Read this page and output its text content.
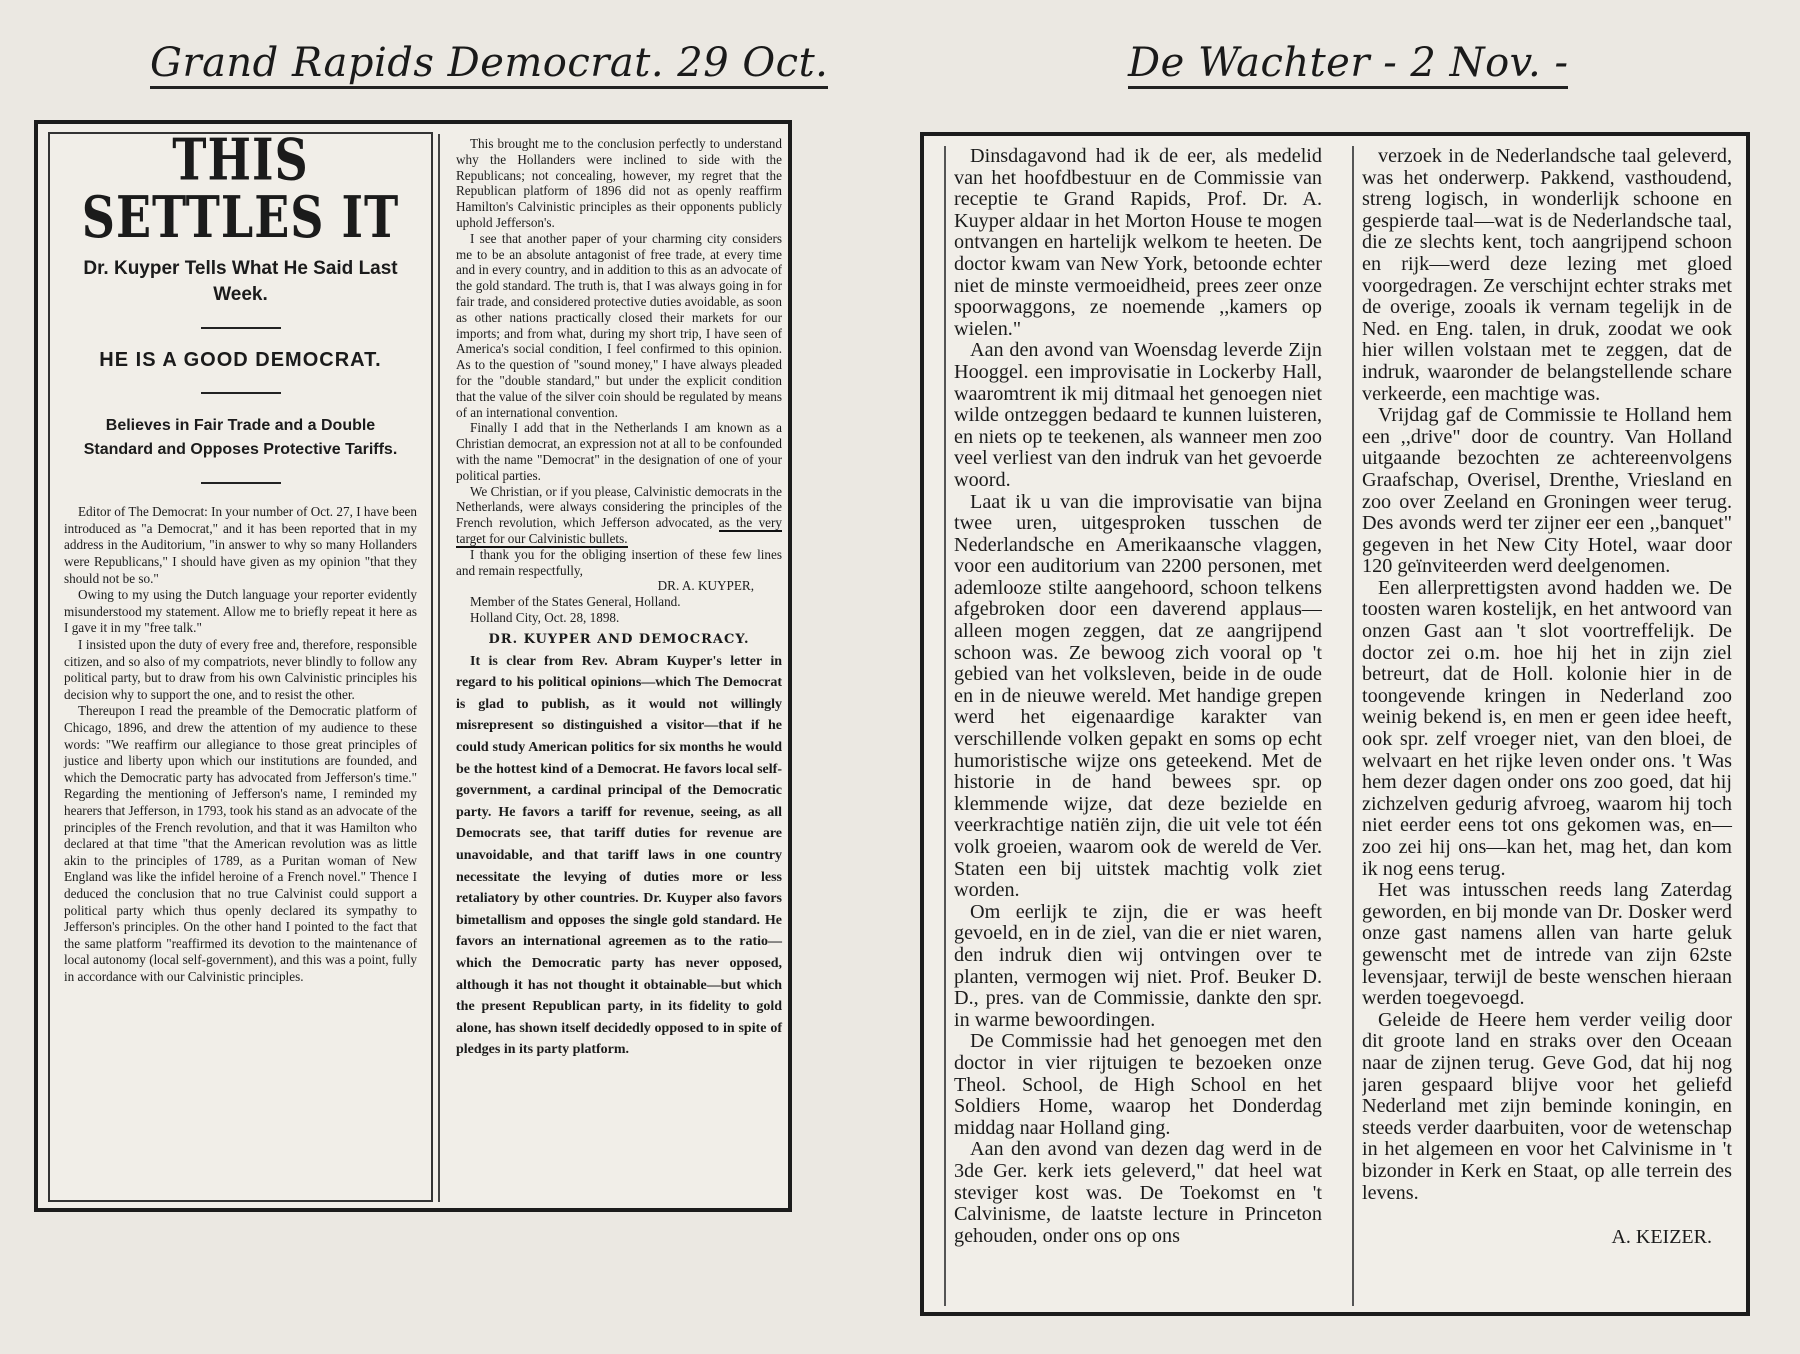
Grand Rapids Democrat. 29 Oct.	De Wachter - 2 Nov. -
THIS SETTLES IT
Dr. Kuyper Tells What He Said Last Week.
HE IS A GOOD DEMOCRAT.
Believes in Fair Trade and a Double Standard and Opposes Protective Tariffs.

Editor of The Democrat: In your number of Oct. 27, I have been introduced as "a Democrat," and it has been reported that in my address in the Auditorium, "in answer to why so many Hollanders were Republicans," I should have given as my opinion "that they should not be so."

Owing to my using the Dutch language your reporter evidently misunderstood my statement. Allow me to briefly repeat it here as I gave it in my "free talk."

I insisted upon the duty of every free and, therefore, responsible citizen, and so also of my compatriots, never blindly to follow any political party, but to draw from his own Calvinistic principles his decision why to support the one, and to resist the other.

Thereupon I read the preamble of the Democratic platform of Chicago, 1896, and drew the attention of my audience to these words: "We reaffirm our allegiance to those great principles of justice and liberty upon which our institutions are founded, and which the Democratic party has advocated from Jefferson's time." Regarding the mentioning of Jefferson's name, I reminded my hearers that Jefferson, in 1793, took his stand as an advocate of the principles of the French revolution, and that it was Hamilton who declared at that time "that the American revolution was as little akin to the principles of 1789, as a Puritan woman of New England was like the infidel heroine of a French novel." Thence I deduced the conclusion that no true Calvinist could support a political party which thus openly declared its sympathy to Jefferson's principles. On the other hand I pointed to the fact that the same platform "reaffirmed its devotion to the maintenance of local autonomy (local self-government), and this was a point, fully in accordance with our Calvinistic principles.

This brought me to the conclusion perfectly to understand why the Hollanders were inclined to side with the Republicans; not concealing, however, my regret that the Republican platform of 1896 did not as openly reaffirm Hamilton's Calvinistic principles as their opponents publicly uphold Jefferson's.

I see that another paper of your charming city considers me to be an absolute antagonist of free trade, at every time and in every country, and in addition to this as an advocate of the gold standard. The truth is, that I was always going in for fair trade, and considered protective duties avoidable, as soon as other nations practically closed their markets for our imports; and from what, during my short trip, I have seen of America's social condition, I feel confirmed to this opinion. As to the question of "sound money," I have always pleaded for the "double standard," but under the explicit condition that the value of the silver coin should be regulated by means of an international convention.

Finally I add that in the Netherlands I am known as a Christian democrat, an expression not at all to be confounded with the name "Democrat" in the designation of one of your political parties.

We Christian, or if you please, Calvinistic democrats in the Netherlands, were always considering the principles of the French revolution, which Jefferson advocated, as the very target for our Calvinistic bullets.

I thank you for the obliging insertion of these few lines and remain respectfully,

DR. A. KUYPER,

Member of the States General, Holland.

Holland City, Oct. 28, 1898.

DR. KUYPER AND DEMOCRACY.

It is clear from Rev. Abram Kuyper's letter in regard to his political opinions—which The Democrat is glad to publish, as it would not willingly misrepresent so distinguished a visitor—that if he could study American politics for six months he would be the hottest kind of a Democrat. He favors local self-government, a cardinal principal of the Democratic party. He favors a tariff for revenue, seeing, as all Democrats see, that tariff duties for revenue are unavoidable, and that tariff laws in one country necessitate the levying of duties more or less retaliatory by other countries. Dr. Kuyper also favors bimetallism and opposes the single gold standard. He favors an international agreemen as to the ratio—which the Democratic party has never opposed, although it has not thought it obtainable—but which the present Republican party, in its fidelity to gold alone, has shown itself decidedly opposed to in spite of pledges in its party platform.

Dinsdagavond had ik de eer, als medelid van het hoofdbestuur en de Commissie van receptie te Grand Rapids, Prof. Dr. A. Kuyper aldaar in het Morton House te mogen ontvangen en hartelijk welkom te heeten. De doctor kwam van New York, betoonde echter niet de minste vermoeidheid, prees zeer onze spoorwaggons, ze noemende ,,kamers op wielen."

Aan den avond van Woensdag leverde Zijn Hooggel. een improvisatie in Lockerby Hall, waaromtrent ik mij ditmaal het genoegen niet wilde ontzeggen bedaard te kunnen luisteren, en niets op te teekenen, als wanneer men zoo veel verliest van den indruk van het gevoerde woord.

Laat ik u van die improvisatie van bijna twee uren, uitgesproken tusschen de Nederlandsche en Amerikaansche vlaggen, voor een auditorium van 2200 personen, met ademlooze stilte aangehoord, schoon telkens afgebroken door een daverend applaus—alleen mogen zeggen, dat ze aangrijpend schoon was. Ze bewoog zich vooral op 't gebied van het volksleven, beide in de oude en in de nieuwe wereld. Met handige grepen werd het eigenaardige karakter van verschillende volken gepakt en soms op echt humoristische wijze ons geteekend. Met de historie in de hand bewees spr. op klemmende wijze, dat deze bezielde en veerkrachtige natiën zijn, die uit vele tot één volk groeien, waarom ook de wereld de Ver. Staten een bij uitstek machtig volk ziet worden.

Om eerlijk te zijn, die er was heeft gevoeld, en in de ziel, van die er niet waren, den indruk dien wij ontvingen over te planten, vermogen wij niet. Prof. Beuker D. D., pres. van de Commissie, dankte den spr. in warme bewoordingen.

De Commissie had het genoegen met den doctor in vier rijtuigen te bezoeken onze Theol. School, de High School en het Soldiers Home, waarop het Donderdag middag naar Holland ging.

Aan den avond van dezen dag werd in de 3de Ger. kerk iets geleverd," dat heel wat steviger kost was. De Toekomst en 't Calvinisme, de laatste lecture in Princeton gehouden, onder ons op ons

verzoek in de Nederlandsche taal geleverd, was het onderwerp. Pakkend, vasthoudend, streng logisch, in wonderlijk schoone en gespierde taal—wat is de Nederlandsche taal, die ze slechts kent, toch aangrijpend schoon en rijk—werd deze lezing met gloed voorgedragen. Ze verschijnt echter straks met de overige, zooals ik vernam tegelijk in de Ned. en Eng. talen, in druk, zoodat we ook hier willen volstaan met te zeggen, dat de indruk, waaronder de belangstellende schare verkeerde, een machtige was.

Vrijdag gaf de Commissie te Holland hem een ,,drive" door de country. Van Holland uitgaande bezochten ze achtereenvolgens Graafschap, Overisel, Drenthe, Vriesland en zoo over Zeeland en Groningen weer terug. Des avonds werd ter zijner eer een ,,banquet" gegeven in het New City Hotel, waar door 120 geïnviteerden werd deelgenomen.

Een allerprettigsten avond hadden we. De toosten waren kostelijk, en het antwoord van onzen Gast aan 't slot voortreffelijk. De doctor zei o.m. hoe hij het in zijn ziel betreurt, dat de Holl. kolonie hier in de toongevende kringen in Nederland zoo weinig bekend is, en men er geen idee heeft, ook spr. zelf vroeger niet, van den bloei, de welvaart en het rijke leven onder ons. 't Was hem dezer dagen onder ons zoo goed, dat hij zichzelven gedurig afvroeg, waarom hij toch niet eerder eens tot ons gekomen was, en—zoo zei hij ons—kan het, mag het, dan kom ik nog eens terug.

Het was intusschen reeds lang Zaterdag geworden, en bij monde van Dr. Dosker werd onze gast namens allen van harte geluk gewenscht met de intrede van zijn 62ste levensjaar, terwijl de beste wenschen hieraan werden toegevoegd.

Geleide de Heere hem verder veilig door dit groote land en straks over den Oceaan naar de zijnen terug. Geve God, dat hij nog jaren gespaard blijve voor het geliefd Nederland met zijn beminde koningin, en steeds verder daarbuiten, voor de wetenschap in het algemeen en voor het Calvinisme in 't bizonder in Kerk en Staat, op alle terrein des levens.

A. KEIZER.
